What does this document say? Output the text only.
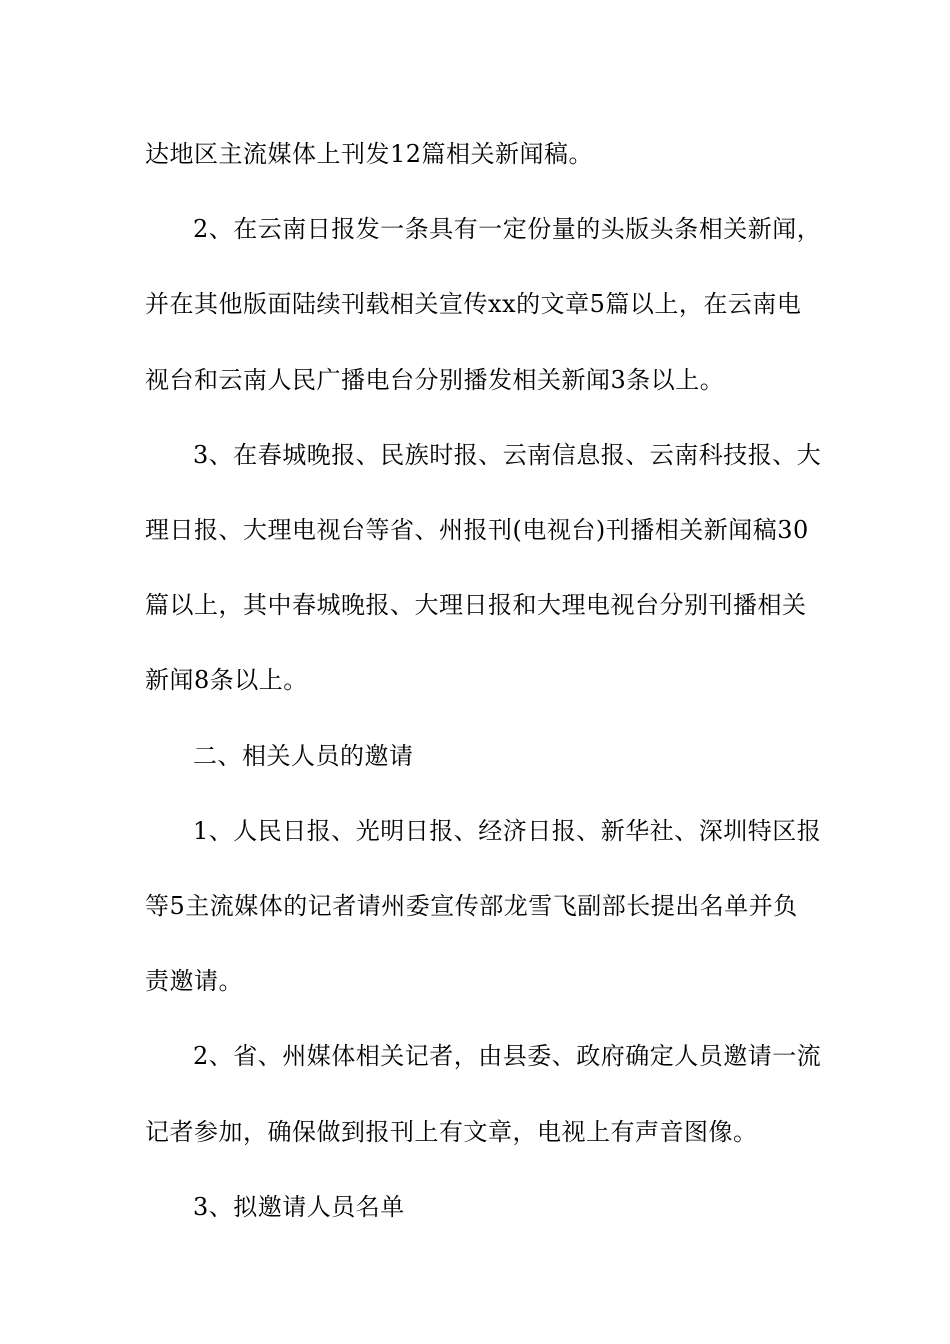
达地区主流媒体上刊发12篇相关新闻稿。
2、在云南日报发一条具有一定份量的头版头条相关新闻，
并在其他版面陆续刊载相关宣传xx的文章5篇以上，在云南电
视台和云南人民广播电台分别播发相关新闻3条以上。
3、在春城晚报、民族时报、云南信息报、云南科技报、大
理日报、大理电视台等省、州报刊(电视台)刊播相关新闻稿30
篇以上，其中春城晚报、大理日报和大理电视台分别刊播相关
新闻8条以上。
二、相关人员的邀请
1、人民日报、光明日报、经济日报、新华社、深圳特区报
等5主流媒体的记者请州委宣传部龙雪飞副部长提出名单并负
责邀请。
2、省、州媒体相关记者，由县委、政府确定人员邀请一流
记者参加，确保做到报刊上有文章，电视上有声音图像。
3、拟邀请人员名单
